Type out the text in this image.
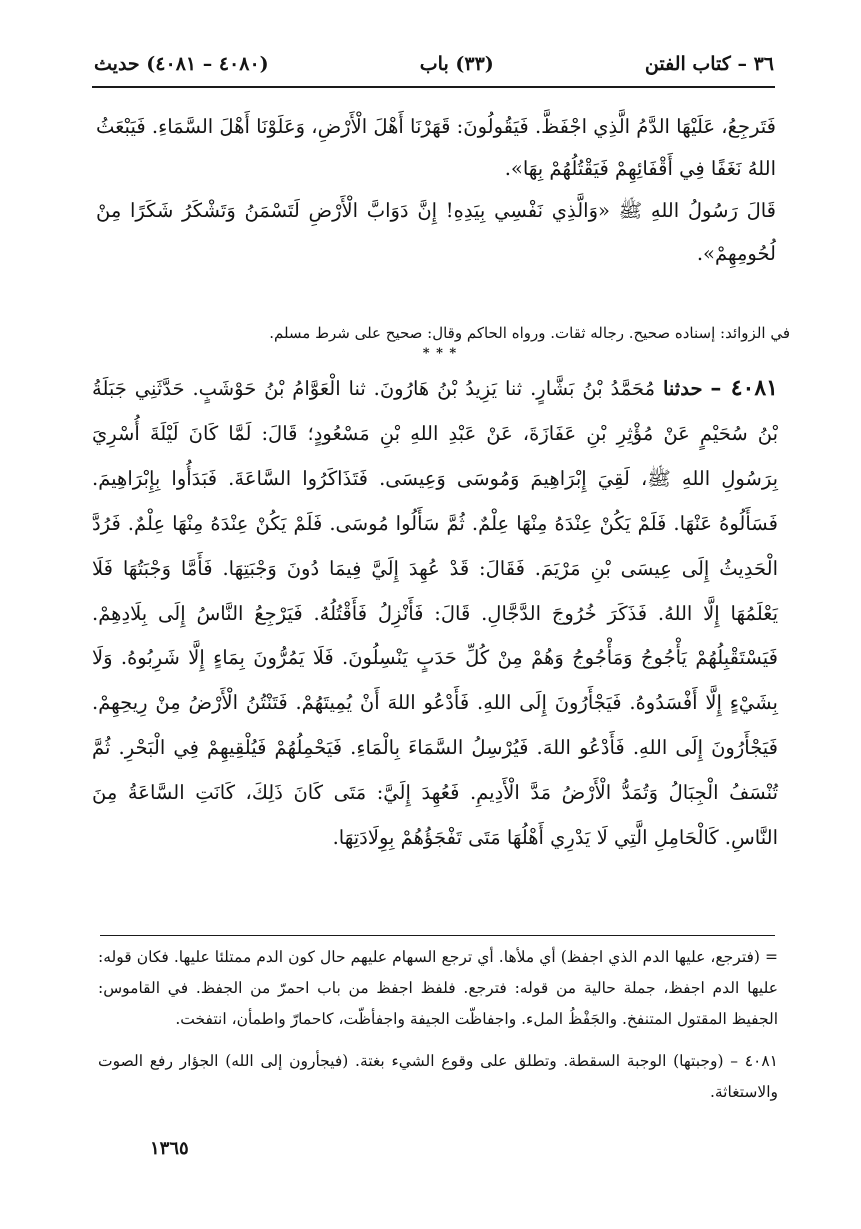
٣٦ – كتاب الفتن
(٣٣) باب
(٤٠٨٠ – ٤٠٨١) حديث

فَتَرجِعُ، عَلَيْهَا الدَّمُ الَّذِي اجْفَظَّ. فَيَقُولُونَ: قَهَرْنَا أَهْلَ الْأَرْضِ، وَعَلَوْنَا أَهْلَ السَّمَاءِ. فَيَبْعَثُ اللهُ نَغَفًا فِي أَقْفَائِهِمْ فَيَقْتُلُهُمْ بِهَا».

قَالَ رَسُولُ اللهِ ﷺ «وَالَّذِي نَفْسِي بِيَدِهِ! إِنَّ دَوَابَّ الْأَرْضِ لَتَسْمَنُ وَتَشْكَرُ شَكَرًا مِنْ لُحُومِهِمْ».

في الزوائد: إسناده صحيح. رجاله ثقات. ورواه الحاكم وقال: صحيح على شرط مسلم.
* * *
٤٠٨١ – حدثنا مُحَمَّدُ بْنُ بَشَّارٍ. ثنا يَزِيدُ بْنُ هَارُونَ. ثنا الْعَوَّامُ بْنُ حَوْشَبٍ. حَدَّثَنِي جَبَلَةُ بْنُ سُحَيْمٍ عَنْ مُؤْثِرِ بْنِ عَفَازَةَ، عَنْ عَبْدِ اللهِ بْنِ مَسْعُودٍ؛ قَالَ: لَمَّا كَانَ لَيْلَةَ أُسْرِيَ بِرَسُولِ اللهِ ﷺ، لَقِيَ إِبْرَاهِيمَ وَمُوسَى وَعِيسَى. فَتَذَاكَرُوا السَّاعَةَ. فَبَدَأُوا بِإِبْرَاهِيمَ. فَسَأَلُوهُ عَنْهَا. فَلَمْ يَكُنْ عِنْدَهُ مِنْهَا عِلْمٌ. ثُمَّ سَأَلُوا مُوسَى. فَلَمْ يَكُنْ عِنْدَهُ مِنْهَا عِلْمٌ. فَرُدَّ الْحَدِيثُ إِلَى عِيسَى بْنِ مَرْيَمَ. فَقَالَ: قَدْ عُهِدَ إِلَيَّ فِيمَا دُونَ وَجْبَتِهَا. فَأَمَّا وَجْبَتُهَا فَلَا يَعْلَمُهَا إِلَّا اللهُ. فَذَكَرَ خُرُوجَ الدَّجَّالِ. قَالَ: فَأَنْزِلُ فَأَقْتُلُهُ. فَيَرْجِعُ النَّاسُ إِلَى بِلَادِهِمْ. فَيَسْتَقْبِلُهُمْ يَأْجُوجُ وَمَأْجُوجُ وَهُمْ مِنْ كُلِّ حَدَبٍ يَنْسِلُونَ. فَلَا يَمُرُّونَ بِمَاءٍ إِلَّا شَرِبُوهُ. وَلَا بِشَيْءٍ إِلَّا أَفْسَدُوهُ. فَيَجْأَرُونَ إِلَى اللهِ. فَأَدْعُو اللهَ أَنْ يُمِيتَهُمْ. فَتَنْتُنُ الْأَرْضُ مِنْ رِيحِهِمْ. فَيَجْأَرُونَ إِلَى اللهِ. فَأَدْعُو اللهَ. فَيُرْسِلُ السَّمَاءَ بِالْمَاءِ. فَيَحْمِلُهُمْ فَيُلْقِيهِمْ فِي الْبَحْرِ. ثُمَّ تُنْسَفُ الْجِبَالُ وَتُمَدُّ الْأَرْضُ مَدَّ الْأَدِيمِ. فَعُهِدَ إِلَيَّ: مَتَى كَانَ ذَلِكَ، كَانَتِ السَّاعَةُ مِنَ النَّاسِ. كَالْحَامِلِ الَّتِي لَا يَدْرِي أَهْلُهَا مَتَى تَفْجَؤُهُمْ بِوِلَادَتِهَا.

= (فترجع، عليها الدم الذي اجفظ) أي ملأها. أي ترجع السهام عليهم حال كون الدم ممتلئا عليها. فكان قوله: عليها الدم اجفظ، جملة حالية من قوله: فترجع. فلفظ اجفظ من باب احمرّ من الجفظ. في القاموس: الجفيظ المقتول المتنفخ. والجَفْظُ الملء. واجفاظّت الجيفة واجفأظّت، كاحمارّ واطمأن، انتفخت.

٤٠٨١ – (وجبتها) الوجبة السقطة. وتطلق على وقوع الشيء بغتة. (فيجأرون إلى الله) الجؤار رفع الصوت والاستغاثة.

١٣٦٥
